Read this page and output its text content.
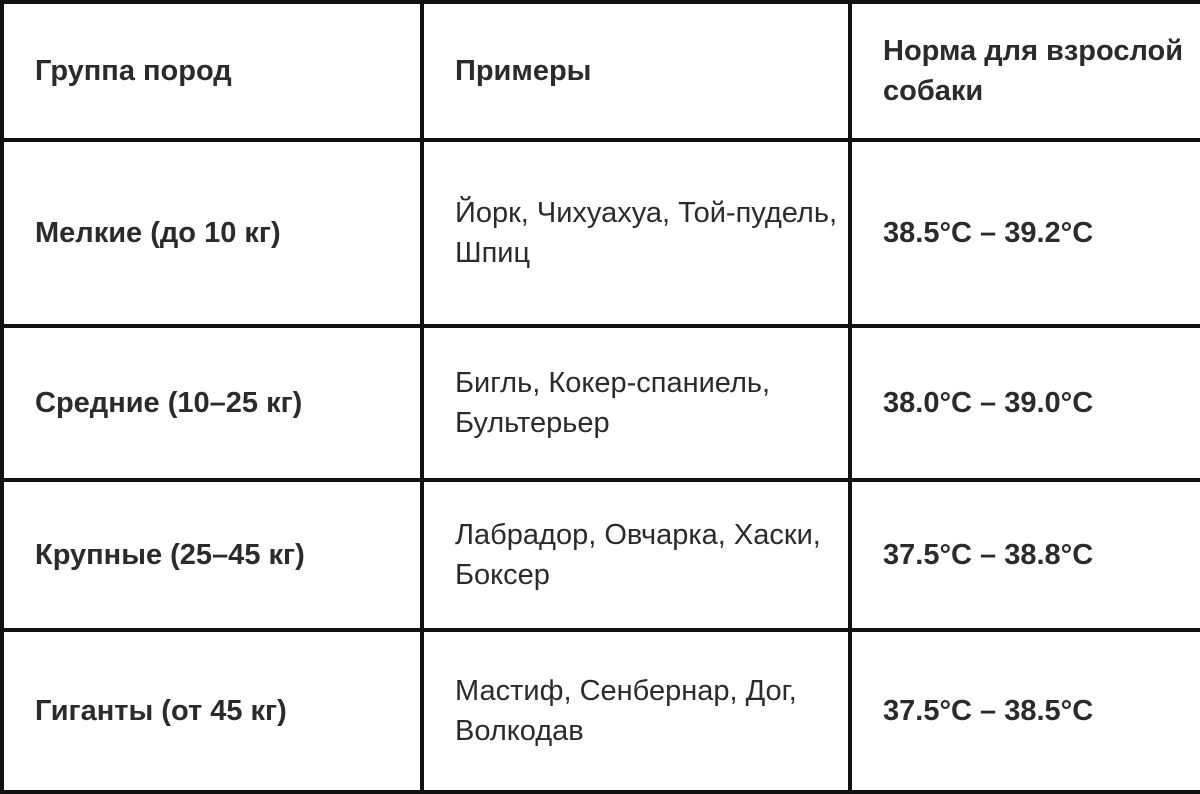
Группа пород	Примеры	Норма для взрослой собаки
Мелкие (до 10 кг)	Йорк, Чихуахуа, Той-пудель, Шпиц	38.5°C – 39.2°C
Средние (10–25 кг)	Бигль, Кокер-спаниель, Бультерьер	38.0°C – 39.0°C
Крупные (25–45 кг)	Лабрадор, Овчарка, Хаски, Боксер	37.5°C – 38.8°C
Гиганты (от 45 кг)	Мастиф, Сенбернар, Дог, Волкодав	37.5°C – 38.5°C
